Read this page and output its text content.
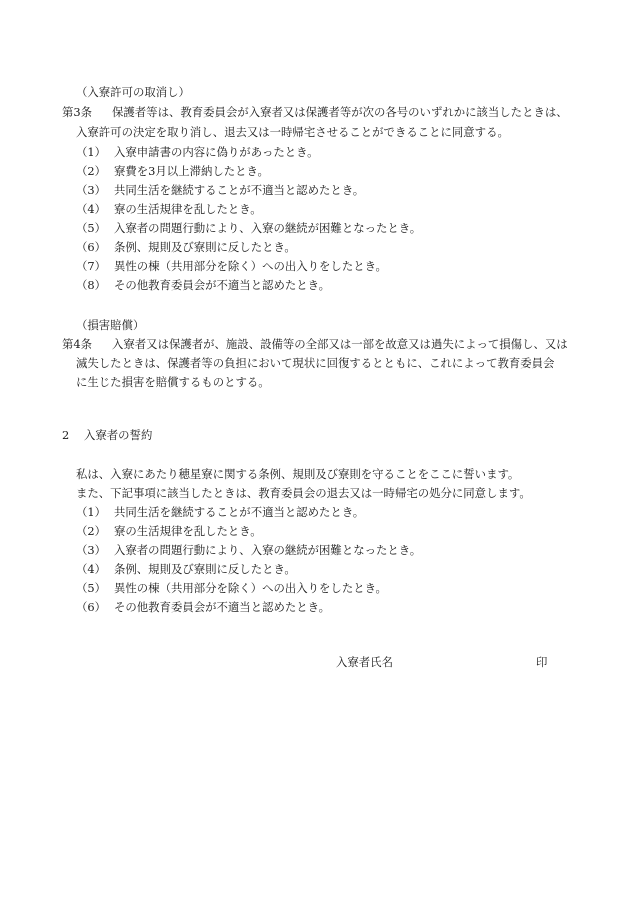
（入寮許可の取消し）
第3条 保護者等は、教育委員会が入寮者又は保護者等が次の各号のいずれかに該当したときは、
入寮許可の決定を取り消し、退去又は一時帰宅させることができることに同意する。
（1） 入寮申請書の内容に偽りがあったとき。
（2） 寮費を3月以上滞納したとき。
（3） 共同生活を継続することが不適当と認めたとき。
（4） 寮の生活規律を乱したとき。
（5） 入寮者の問題行動により、入寮の継続が困難となったとき。
（6） 条例、規則及び寮則に反したとき。
（7） 異性の棟（共用部分を除く）への出入りをしたとき。
（8） その他教育委員会が不適当と認めたとき。
（損害賠償）
第4条 入寮者又は保護者が、施設、設備等の全部又は一部を故意又は過失によって損傷し、又は
滅失したときは、保護者等の負担において現状に回復するとともに、これによって教育委員会
に生じた損害を賠償するものとする。
2 入寮者の誓約
私は、入寮にあたり穂星寮に関する条例、規則及び寮則を守ることをここに誓います。
また、下記事項に該当したときは、教育委員会の退去又は一時帰宅の処分に同意します。
（1） 共同生活を継続することが不適当と認めたとき。
（2） 寮の生活規律を乱したとき。
（3） 入寮者の問題行動により、入寮の継続が困難となったとき。
（4） 条例、規則及び寮則に反したとき。
（5） 異性の棟（共用部分を除く）への出入りをしたとき。
（6） その他教育委員会が不適当と認めたとき。
入寮者氏名	印
